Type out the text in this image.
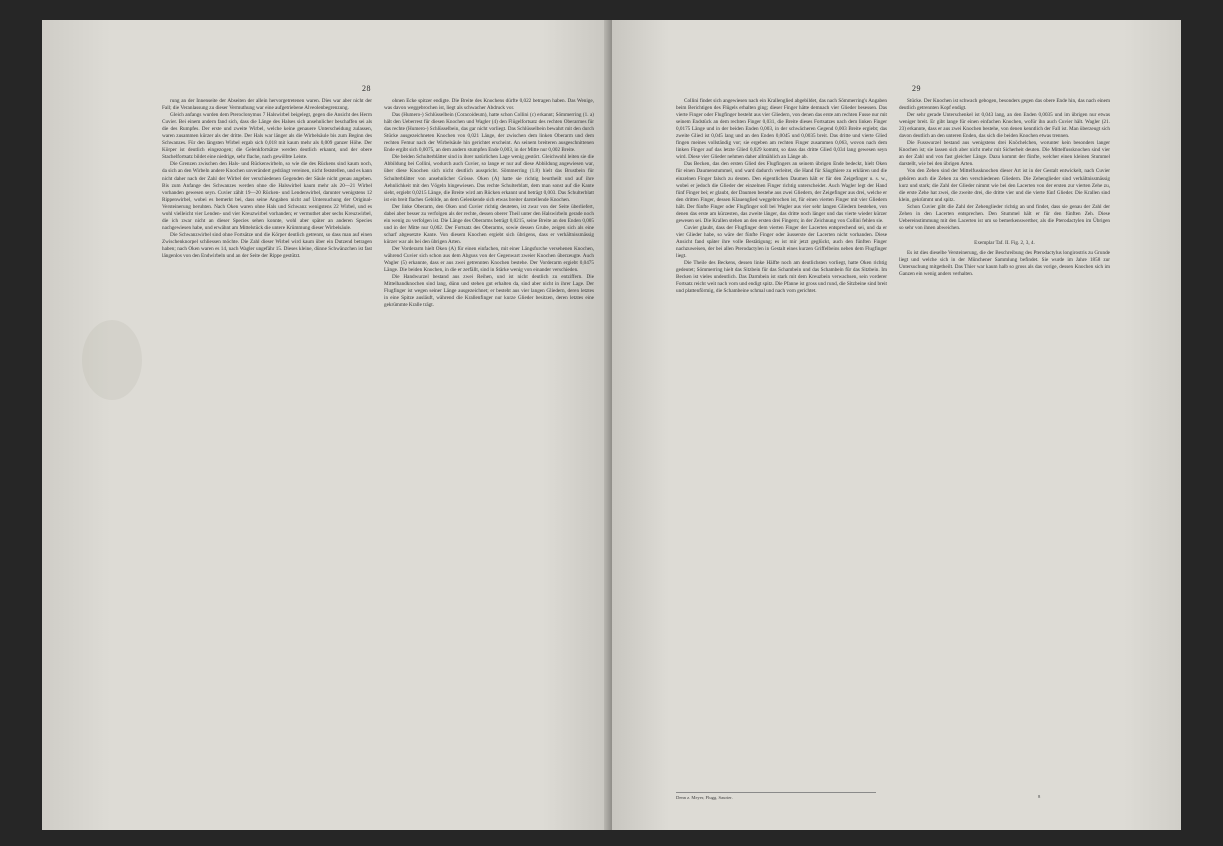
28

rung an der Innenseite der Abseiten der allein hervorgetretenen waren. Dies war aber nicht der Fall; die Veranlassung zu dieser Vermuthung war eine aufgetriebene Alveolenbegrenzung.

Gleich anfangs wurden dem Pteroclonymus 7 Halswirbel beigelegt, gegen die Ansicht des Herrn Cuvier. Bei einem andern fand sich, dass die Länge des Halses sich ansehnlicher beschaffen sei als die des Rumpfes. Der erste und zweite Wirbel, welche keine genauere Unterscheidung zulassen, waren zusammen kürzer als der dritte. Der Hals war länger als die Wirbelsäule bis zum Beginn des Schwanzes. Für den längsten Wirbel ergab sich 0,018 mit kaum mehr als 0,009 ganzer Höhe. Der Körper ist deutlich eingezogen; die Gelenkfortsätze werden deutlich erkannt, und der obere Stachelfortsatz bildet eine niedrige, sehr flache, nach gewölbte Leiste.

Die Grenzen zwischen den Hals- und Rückenwirbeln, so wie die des Rückens sind kaum noch, da sich an den Wirbeln andere Knochen unverändert gedrängt vereinen, nicht feststellen, und es kann nicht daher nach der Zahl der Wirbel der verschiedenen Gegenden der Säule nicht genau angeben. Bis zum Anfange des Schwanzes werden ohne die Halswirbel kaum mehr als 20—21 Wirbel vorhanden gewesen seyn. Cuvier zählt 19—20 Rücken- und Lendenwirbel, darunter wenigstens 12 Rippenwirbel, wobei es bemerkt bei, dass seine Angaben nicht auf Untersuchung der Original-Versteinerung beruhten. Nach Oken waren ohne Hals und Schwanz wenigstens 22 Wirbel, und es wohl vielleicht vier Lenden- und vier Kreuzwirbel vorhanden; er vermuthet aber sechs Kreuzwirbel, die ich zwar nicht an dieser Species sehen konnte, wohl aber später an anderen Species nachgewiesen habe, und erwähnt am Mittelstück die untere Krümmung dieser Wirbelsäule.

Die Schwanzwirbel sind ohne Fortsätze und die Körper deutlich getrennt, so dass man auf einen Zwischenknorpel schliessen möchte. Die Zahl dieser Wirbel wird kaum über ein Dutzend betragen haben; nach Oken waren es 14, nach Wagler ungefähr 15. Dieses kleine, dünne Schwänzchen ist fast längenlos von den Endwirbeln und an der Seite der Rippe gestützt.

ohnen Ecke spitzer endigte. Die Breite des Knochens dürfte 0,022 betragen haben. Das Wenige, was davon weggebrochen ist, liegt als schwacher Abdruck vor.

Das (Humero-) Schlüsselbein (Coracoideum), hatte schon Collini (c) erkannt; Sömmerring (1. a) hält den Ueberrest für diesen Knochen und Wagler (4) den Flügelfortsatz des rechten Oberarmes für das rechte (Humero-) Schlüsselbein, das gar nicht vorliegt. Das Schlüsselbein bewahrt mit den durch Stücke ausgezeichneten Knochen von 0,021 Länge, der zwischen dem linken Oberarm und dem rechten Femur nach der Wirbelsäule hin gerichtet erscheint. An seinem breiteren ausgeschnittenen Ende ergibt sich 0,0075, an dem andern stumpfen Ende 0,003, in der Mitte nur 0,002 Breite.

Die beiden Schulterblätter sind in ihrer natürlichen Lage wenig gestört. Gleichwohl leiten sie die Abbildung bei Collini, wodurch auch Cuvier, so lange er nur auf diese Abbildung angewiesen war, über diese Knochen sich nicht deutlich ausspricht. Sömmerring (1.8) hielt das Brustbein für Schulterblätter von ansehnlicher Grösse. Oken (A) hatte sie richtig beurtheilt und auf ihre Aehnlichkeit mit den Vögeln hingewiesen. Das rechte Schulterblatt, dem man sonst auf die Kante sieht, ergiebt 0,0215 Länge, die Breite wird am Rücken erkannt und beträgt 0,003. Das Schulterblatt ist ein breit flaches Gebilde, an dem Gelenkende sich etwas breiter darstellende Knochen.

Der linke Oberarm, den Oken und Cuvier richtig deuteten, ist zwar von der Seite überliefert, dabei aber besser zu verfolgen als der rechte, dessen oberer Theil unter den Halswirbeln gerade noch ein wenig zu verfolgen ist. Die Länge des Oberarms beträgt 0,0215, seine Breite an den Enden 0,005 und in der Mitte nur 0,002. Der Fortsatz des Oberarms, sowie dessen Grube, zeigen sich als eine scharf abgesetzte Kante. Von diesem Knochen ergiebt sich übrigens, dass er verhältnissmässig kürzer war als bei den übrigen Arten.

Der Vorderarm hielt Oken (A) für einen einfachen, mit einer Längsfurche versehenen Knochen, während Cuvier sich schon aus dem Abguss von der Gegenwart zweier Knochen überzeugte. Auch Wagler (5) erkannte, dass er aus zwei getrennten Knochen bestehe. Der Vorderarm ergiebt 0,0475 Länge. Die beiden Knochen, in die er zerfällt, sind in Stärke wenig von einander verschieden.

Die Handwurzel bestand aus zwei Reihen, und ist nicht deutlich zu entziffern. Die Mittelhandknochen sind lang, dünn und stehen gut erhalten da, sind aber nicht in ihrer Lage. Der Flugfinger ist wegen seiner Länge ausgezeichnet; er besteht aus vier langen Gliedern, deren letztes in eine Spitze ausläuft, während die Krallenfinger nur kurze Glieder besitzen, deren letztes eine gekrümmte Kralle trägt.

29

Collini findet sich angewiesen nach ein Krallenglied abgebildet, das nach Sömmerring's Angaben beim Berichtigen des Flügels erhalten ging; dieser Finger hätte demnach vier Glieder besessen. Das vierte Finger oder Flugfinger besteht aus vier Gliedern, von denen das erste am rechten Fusse nur mit seinem Endstück an dem rechten Finger 0,031, die Breite dieses Fortsatzes nach dem linken Finger 0,0175 Länge und in der beiden Enden 0,003, in der schwächeren Gegend 0,003 Breite ergiebt; das zweite Glied ist 0,045 lang und an den Enden 0,0045 und 0,0035 breit. Das dritte und vierte Glied fingen meines vollständig vor; sie ergeben am rechten Finger zusammen 0,063, wovon nach dem linken Finger auf das letzte Glied 0,029 kommt, so dass das dritte Glied 0,034 lang gewesen seyn wird. Diese vier Glieder nehmen daher allmählich an Länge ab.

Das Becken, das den ersten Glied des Flugfingers an seinem übrigen Ende bedeckt, hielt Oken für einen Daumenstummel, und ward dadurch verleitet, die Hand für Säugthiere zu erklären und die einzelnen Finger falsch zu deuten. Den eigentlichen Daumen hält er für den Zeigefinger u. s. w., wobei er jedoch die Glieder der einzelnen Finger richtig unterscheidet. Auch Wagler legt der Hand fünf Finger bei; er glaubt, der Daumen bestehe aus zwei Gliedern, der Zeigefinger aus drei, welche er den dritten Finger, dessen Klauenglied weggebrochen ist, für einen vierten Finger mit vier Gliedern hält. Der fünfte Finger oder Flugfinger soll bei Wagler aus vier sehr langen Gliedern bestehen, von denen das erste am kürzesten, das zweite länger, das dritte noch länger und das vierte wieder kürzer gewesen sei. Die Krallen stehen an den ersten drei Fingern; in der Zeichnung von Collini fehlen sie.

Cuvier glaubt, dass der Flugfinger dem vierten Finger der Lacerten entsprechend sei, und da er vier Glieder habe, so wäre der fünfte Finger oder äusserste der Lacerten nicht vorhanden. Diese Ansicht fand später ihre volle Bestätigung; es ist mir jetzt geglückt, auch den fünften Finger nachzuweisen, der bei allen Pterodactylen in Gestalt eines kurzen Griffelbeins neben dem Flugfinger liegt.

Die Theile des Beckens, dessen linke Hälfte noch am deutlichsten vorliegt, hatte Oken richtig gedeutet; Sömmerring hielt das Sitzbein für das Schambein und das Schambein für das Sitzbein. Im Becken ist vieles undeutlich. Das Darmbein ist stark mit dem Kreuzbein verwachsen, sein vorderer Fortsatz reicht weit nach vorn und endigt spitz. Die Pfanne ist gross und rund, die Sitzbeine sind breit und plattenförmig, die Schambeine schmal und nach vorn gerichtet.

Stücke. Der Knochen ist schwach gebogen, besonders gegen das obere Ende hin, das nach einem deutlich getrennten Kopf endigt.

Der sehr gerade Unterschenkel ist 0,043 lang, an den Enden 0,0035 und im übrigen nur etwas weniger breit. Er gibt lange für einen einfachen Knochen, wofür ihn auch Cuvier hält. Wagler (21. 23) erkannte, dass er aus zwei Knochen bestehe, von denen kenntlich der Fall ist. Man überzeugt sich davon deutlich an den unteren Enden, das sich die beiden Knochen etwas trennen.

Die Fusswurzel bestand aus wenigstens drei Knöchelchen, worunter kein besonders langer Knochen ist; sie lassen sich aber nicht mehr mit Sicherheit deuten. Die Mittelfussknochen sind vier an der Zahl und von fast gleicher Länge. Dazu kommt der fünfte, welcher einen kleinen Stummel darstellt, wie bei den übrigen Arten.

Von den Zehen sind der Mittelfussknochen dieser Art ist in der Gestalt entwickelt, nach Cuvier gehören auch die Zehen zu den verschiedenen Gliedern. Die Zehenglieder sind verhältnissmässig kurz und stark; die Zahl der Glieder nimmt wie bei den Lacerten von der ersten zur vierten Zehe zu, die erste Zehe hat zwei, die zweite drei, die dritte vier und die vierte fünf Glieder. Die Krallen sind klein, gekrümmt und spitz.

Schon Cuvier gibt die Zahl der Zehenglieder richtig an und findet, dass sie genau der Zahl der Zehen in den Lacerten entsprechen. Den Stummel hält er für den fünften Zeh. Diese Uebereinstimmung mit den Lacerten ist um so bemerkenswerther, als die Pterodactylen im Übrigen so sehr von ihnen abweichen.

Exemplar Taf. II. Fig. 2, 3, 4.

Es ist dies dieselbe Versteinerung, die der Beschreibung des Pterodactylus longirostris zu Grunde liegt und welche sich in der Münchener Sammlung befindet. Sie wurde im Jahre 1858 zur Untersuchung mitgetheilt. Das Thier war kaum halb so gross als das vorige, dessen Knochen sich im Ganzen ein wenig anders verhalten.

Denn z. Meyer, Flugg. Saurier.	8
